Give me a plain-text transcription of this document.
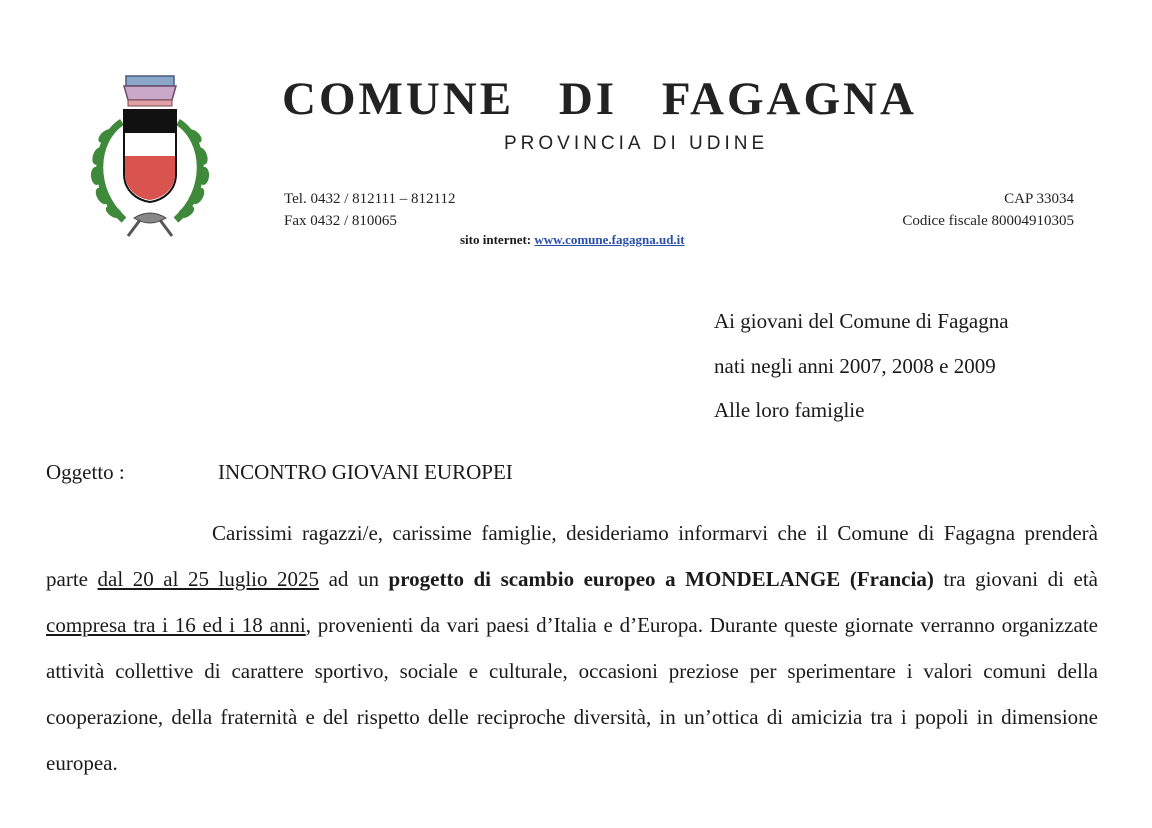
COMUNE DI FAGAGNA
PROVINCIA DI UDINE
Tel. 0432 / 812111 – 812112
Fax 0432 / 810065
CAP 33034
Codice fiscale 80004910305
sito internet: www.comune.fagagna.ud.it
Ai giovani del Comune di Fagagna
nati negli anni 2007, 2008 e 2009
Alle loro famiglie
Oggetto :	INCONTRO GIOVANI EUROPEI

Carissimi ragazzi/e, carissime famiglie, desideriamo informarvi che il Comune di Fagagna prenderà parte dal 20 al 25 luglio 2025 ad un progetto di scambio europeo a MONDELANGE (Francia) tra giovani di età compresa tra i 16 ed i 18 anni, provenienti da vari paesi d’Italia e d’Europa. Durante queste giornate verranno organizzate attività collettive di carattere sportivo, sociale e culturale, occasioni preziose per sperimentare i valori comuni della cooperazione, della fraternità e del rispetto delle reciproche diversità, in un’ottica di amicizia tra i popoli in dimensione europea.
